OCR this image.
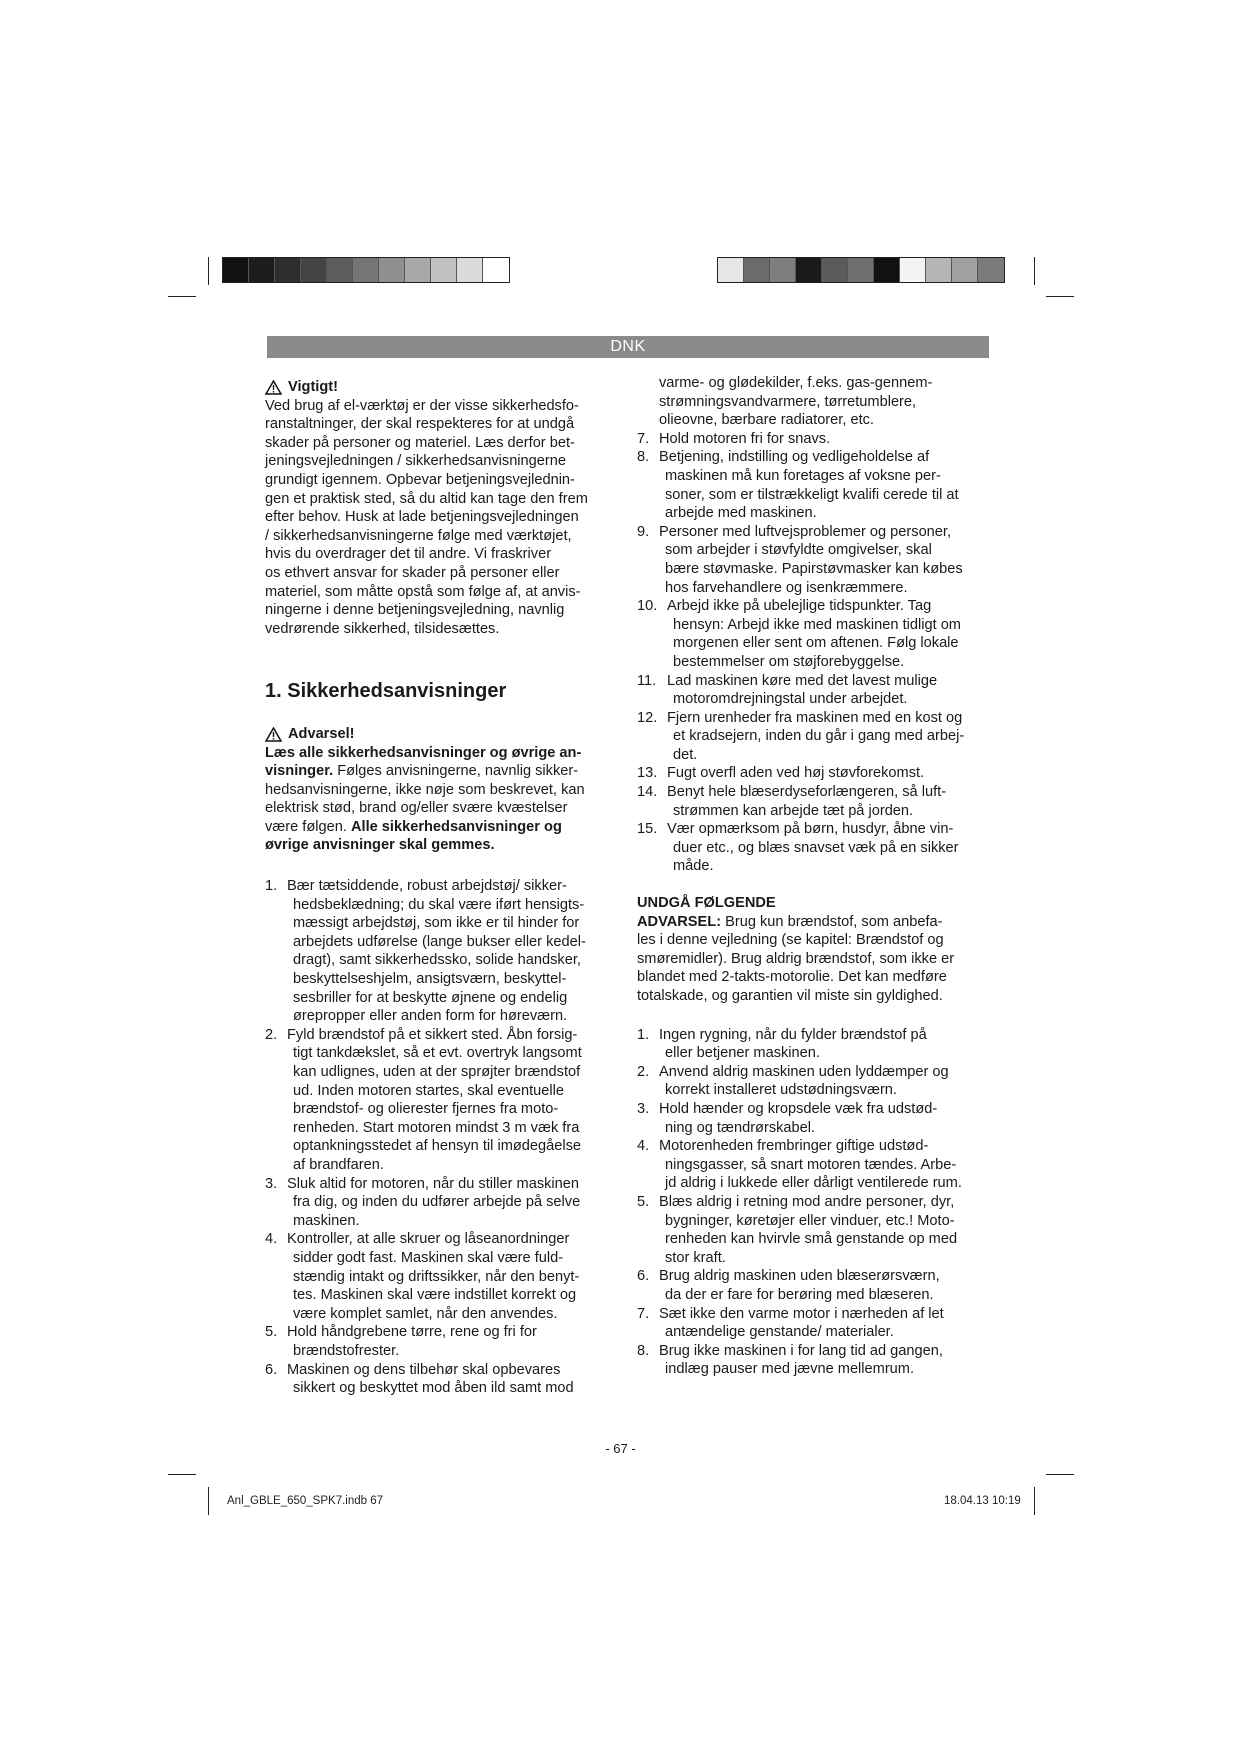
DNK
Vigtigt!

Ved brug af el-værktøj er der visse sikkerhedsfo-

ranstaltninger, der skal respekteres for at undgå

skader på personer og materiel. Læs derfor bet-

jeningsvejledningen / sikkerhedsanvisningerne

grundigt igennem. Opbevar betjeningsvejlednin-

gen et praktisk sted, så du altid kan tage den frem

efter behov. Husk at lade betjeningsvejledningen

/ sikkerhedsanvisningerne følge med værktøjet,

hvis du overdrager det til andre. Vi fraskriver

os ethvert ansvar for skader på personer eller

materiel, som måtte opstå som følge af, at anvis-

ningerne i denne betjeningsvejledning, navnlig

vedrørende sikkerhed, tilsidesættes.

1. Sikkerhedsanvisninger

Advarsel!

Læs alle sikkerhedsanvisninger og øvrige an-

visninger. Følges anvisningerne, navnlig sikker-

hedsanvisningerne, ikke nøje som beskrevet, kan

elektrisk stød, brand og/eller svære kvæstelser

være følgen. Alle sikkerhedsanvisninger og

øvrige anvisninger skal gemmes.

1. Bær tætsiddende, robust arbejdstøj/ sikker-
hedsbeklædning; du skal være iført hensigts-
mæssigt arbejdstøj, som ikke er til hinder for
arbejdets udførelse (lange bukser eller kedel-
dragt), samt sikkerhedssko, solide handsker,
beskyttelseshjelm, ansigtsværn, beskyttel-
sesbriller for at beskytte øjnene og endelig
ørepropper eller anden form for høreværn.
2. Fyld brændstof på et sikkert sted. Åbn forsig-
tigt tankdækslet, så et evt. overtryk langsomt
kan udlignes, uden at der sprøjter brændstof
ud. Inden motoren startes, skal eventuelle
brændstof- og olierester fjernes fra moto-
renheden. Start motoren mindst 3 m væk fra
optankningsstedet af hensyn til imødegåelse
af brandfaren.
3. Sluk altid for motoren, når du stiller maskinen
fra dig, og inden du udfører arbejde på selve
maskinen.
4. Kontroller, at alle skruer og låseanordninger
sidder godt fast. Maskinen skal være fuld-
stændig intakt og driftssikker, når den benyt-
tes. Maskinen skal være indstillet korrekt og
være komplet samlet, når den anvendes.
5. Hold håndgrebene tørre, rene og fri for
brændstofrester.
6. Maskinen og dens tilbehør skal opbevares
sikkert og beskyttet mod åben ild samt mod

varme- og glødekilder, f.eks. gas-gennem-

strømningsvandvarmere, tørretumblere,

olieovne, bærbare radiatorer, etc.

7. Hold motoren fri for snavs.
8. Betjening, indstilling og vedligeholdelse af
maskinen må kun foretages af voksne per-
soner, som er tilstrækkeligt kvalifi cerede til at
arbejde med maskinen.
9. Personer med luftvejsproblemer og personer,
som arbejder i støvfyldte omgivelser, skal
bære støvmaske. Papirstøvmasker kan købes
hos farvehandlere og isenkræmmere.
10. Arbejd ikke på ubelejlige tidspunkter. Tag
hensyn: Arbejd ikke med maskinen tidligt om
morgenen eller sent om aftenen. Følg lokale
bestemmelser om støjforebyggelse.
11. Lad maskinen køre med det lavest mulige
motoromdrejningstal under arbejdet.
12. Fjern urenheder fra maskinen med en kost og
et kradsejern, inden du går i gang med arbej-
det.
13. Fugt overfl aden ved høj støvforekomst.
14. Benyt hele blæserdyseforlængeren, så luft-
strømmen kan arbejde tæt på jorden.
15. Vær opmærksom på børn, husdyr, åbne vin-
duer etc., og blæs snavset væk på en sikker
måde.

UNDGÅ FØLGENDE

ADVARSEL: Brug kun brændstof, som anbefa-

les i denne vejledning (se kapitel: Brændstof og

smøremidler). Brug aldrig brændstof, som ikke er

blandet med 2-takts-motorolie. Det kan medføre

totalskade, og garantien vil miste sin gyldighed.

1. Ingen rygning, når du fylder brændstof på
eller betjener maskinen.
2. Anvend aldrig maskinen uden lyddæmper og
korrekt installeret udstødningsværn.
3. Hold hænder og kropsdele væk fra udstød-
ning og tændrørskabel.
4. Motorenheden frembringer giftige udstød-
ningsgasser, så snart motoren tændes. Arbe-
jd aldrig i lukkede eller dårligt ventilerede rum.
5. Blæs aldrig i retning mod andre personer, dyr,
bygninger, køretøjer eller vinduer, etc.! Moto-
renheden kan hvirvle små genstande op med
stor kraft.
6. Brug aldrig maskinen uden blæserørsværn,
da der er fare for berøring med blæseren.
7. Sæt ikke den varme motor i nærheden af let
antændelige genstande/ materialer.
8. Brug ikke maskinen i for lang tid ad gangen,
indlæg pauser med jævne mellemrum.
- 67 -
Anl_GBLE_650_SPK7.indb 67	18.04.13 10:19
